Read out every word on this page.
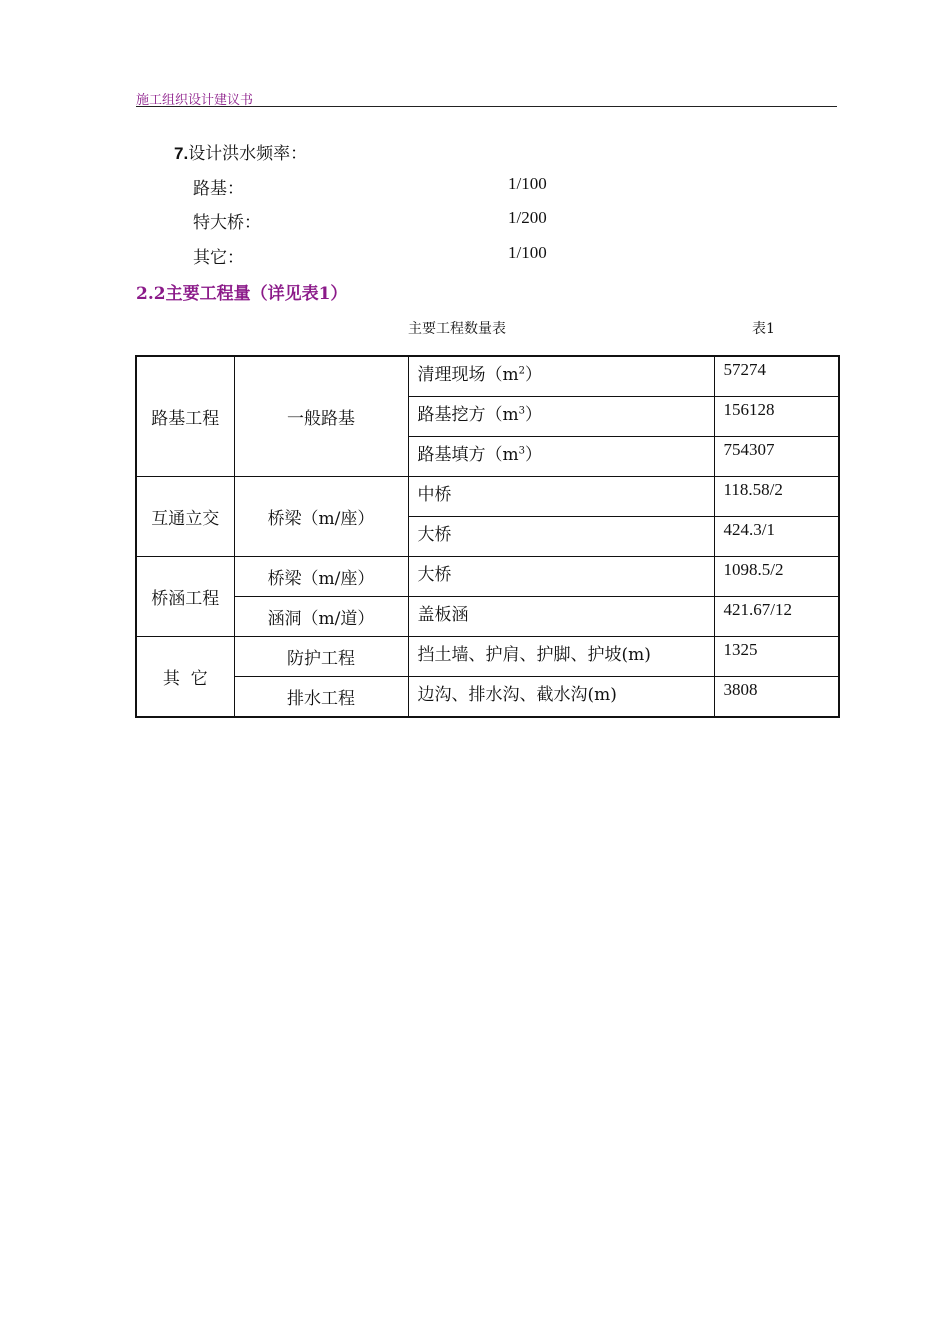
施工组织设计建议书
7.设计洪水频率：
路基：	1/100
特大桥：	1/200
其它：	1/100
2.2主要工程量（详见表1）
主要工程数量表	表1
路基工程	一般路基	清理现场$(m^2)$	57274
		路基挖方$(m^3)$	156128
		路基填方$(m^3)$	754307
互通立交	桥梁（m/座）	中桥	118.58/2
		大桥	424.3/1
桥涵工程	桥梁（m/座）	大桥	1098.5/2
	涵洞（m/道）	盖板涵	421.67/12
其  它	防护工程	挡土墙、护肩、护脚、护坡(m)	1325
	排水工程	边沟、排水沟、截水沟(m)	3808
